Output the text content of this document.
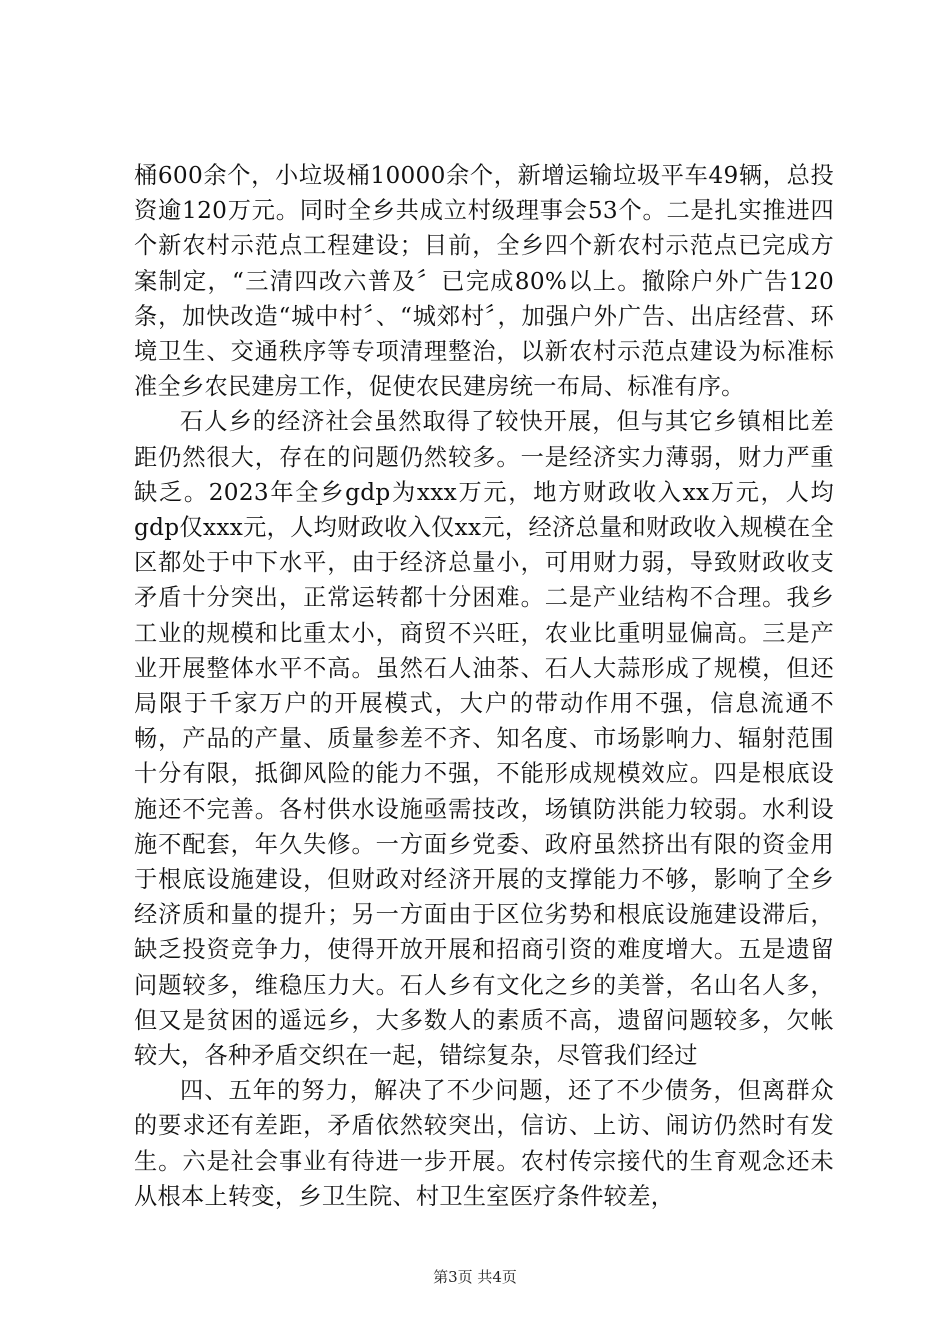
桶600余个，小垃圾桶10000余个，新增运输垃圾平车49辆，总投资逾120万元。同时全乡共成立村级理事会53个。二是扎实推进四个新农村示范点工程建设；目前，全乡四个新农村示范点已完成方案制定，“三清四改六普及〞已完成80%以上。撤除户外广告120条，加快改造“城中村〞、“城郊村〞，加强户外广告、出店经营、环境卫生、交通秩序等专项清理整治，以新农村示范点建设为标准标准全乡农民建房工作，促使农民建房统一布局、标准有序。

石人乡的经济社会虽然取得了较快开展，但与其它乡镇相比差距仍然很大，存在的问题仍然较多。一是经济实力薄弱，财力严重缺乏。2023年全乡gdp为xxx万元，地方财政收入xx万元，人均gdp仅xxx元，人均财政收入仅xx元，经济总量和财政收入规模在全区都处于中下水平，由于经济总量小，可用财力弱，导致财政收支矛盾十分突出，正常运转都十分困难。二是产业结构不合理。我乡工业的规模和比重太小，商贸不兴旺，农业比重明显偏高。三是产业开展整体水平不高。虽然石人油茶、石人大蒜形成了规模，但还局限于千家万户的开展模式，大户的带动作用不强，信息流通不畅，产品的产量、质量参差不齐、知名度、市场影响力、辐射范围十分有限，抵御风险的能力不强，不能形成规模效应。四是根底设施还不完善。各村供水设施亟需技改，场镇防洪能力较弱。水利设施不配套，年久失修。一方面乡党委、政府虽然挤出有限的资金用于根底设施建设，但财政对经济开展的支撑能力不够，影响了全乡经济质和量的提升；另一方面由于区位劣势和根底设施建设滞后，缺乏投资竞争力，使得开放开展和招商引资的难度增大。五是遗留问题较多，维稳压力大。石人乡有文化之乡的美誉，名山名人多，但又是贫困的遥远乡，大多数人的素质不高，遗留问题较多，欠帐较大，各种矛盾交织在一起，错综复杂，尽管我们经过

四、五年的努力，解决了不少问题，还了不少债务，但离群众的要求还有差距，矛盾依然较突出，信访、上访、闹访仍然时有发生。六是社会事业有待进一步开展。农村传宗接代的生育观念还未从根本上转变，乡卫生院、村卫生室医疗条件较差，

第3页 共4页
